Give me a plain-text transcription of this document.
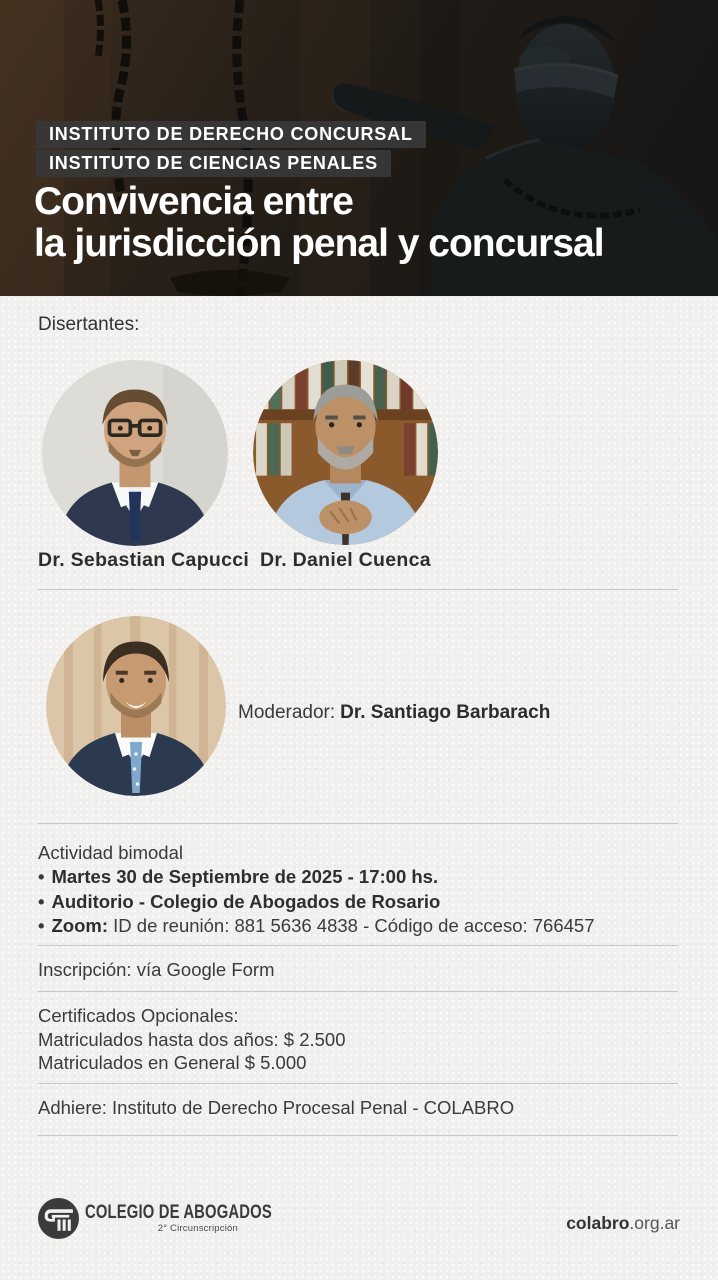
INSTITUTO DE DERECHO CONCURSAL
INSTITUTO DE CIENCIAS PENALES
Convivencia entre
la jurisdicción penal y concursal
Disertantes:
Dr. Sebastian Capucci Dr. Daniel Cuenca
Moderador: Dr. Santiago Barbarach
Actividad bimodal
• Martes 30 de Septiembre de 2025 - 17:00 hs.
• Auditorio - Colegio de Abogados de Rosario
• Zoom: ID de reunión: 881 5636 4838 - Código de acceso: 766457
Inscripción: vía Google Form
Certificados Opcionales:
Matriculados hasta dos años: $ 2.500
Matriculados en General $ 5.000
Adhiere: Instituto de Derecho Procesal Penal - COLABRO
COLEGIO DE ABOGADOS
2° Circunscripción	colabro.org.ar
